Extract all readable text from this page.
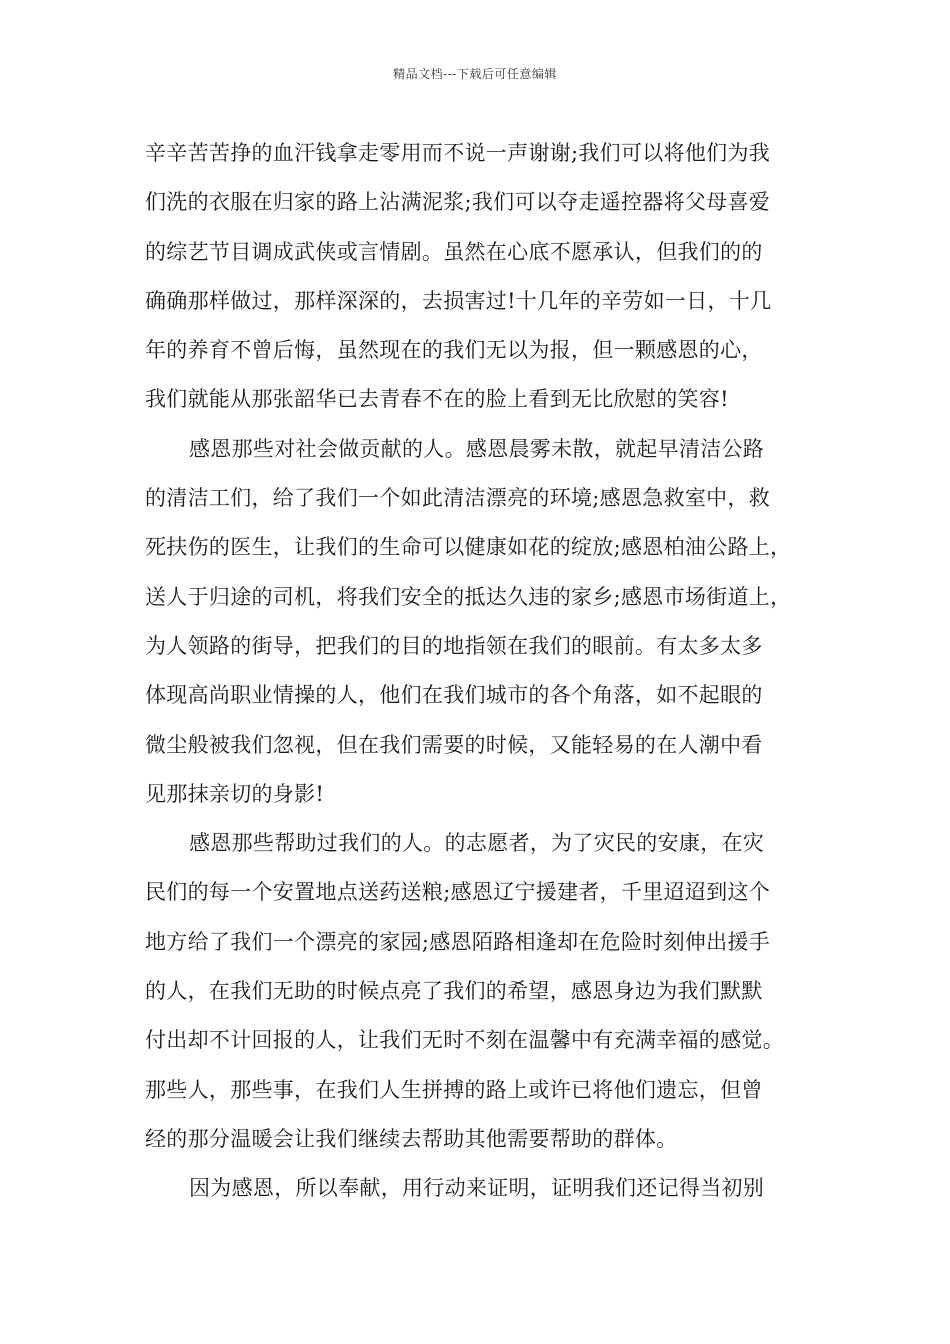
精品文档---下载后可任意编辑
辛辛苦苦挣的血汗钱拿走零用而不说一声谢谢;我们可以将他们为我
们洗的衣服在归家的路上沾满泥浆;我们可以夺走遥控器将父母喜爱
的综艺节目调成武侠或言情剧。虽然在心底不愿承认，但我们的的
确确那样做过，那样深深的，去损害过!十几年的辛劳如一日，十几
年的养育不曾后悔，虽然现在的我们无以为报，但一颗感恩的心，
我们就能从那张韶华已去青春不在的脸上看到无比欣慰的笑容!
感恩那些对社会做贡献的人。感恩晨雾未散，就起早清洁公路
的清洁工们，给了我们一个如此清洁漂亮的环境;感恩急救室中，救
死扶伤的医生，让我们的生命可以健康如花的绽放;感恩柏油公路上，
送人于归途的司机，将我们安全的抵达久违的家乡;感恩市场街道上，
为人领路的街导，把我们的目的地指领在我们的眼前。有太多太多
体现高尚职业情操的人，他们在我们城市的各个角落，如不起眼的
微尘般被我们忽视，但在我们需要的时候，又能轻易的在人潮中看
见那抹亲切的身影!
感恩那些帮助过我们的人。的志愿者，为了灾民的安康，在灾
民们的每一个安置地点送药送粮;感恩辽宁援建者，千里迢迢到这个
地方给了我们一个漂亮的家园;感恩陌路相逢却在危险时刻伸出援手
的人，在我们无助的时候点亮了我们的希望，感恩身边为我们默默
付出却不计回报的人，让我们无时不刻在温馨中有充满幸福的感觉。
那些人，那些事，在我们人生拼搏的路上或许已将他们遗忘，但曾
经的那分温暖会让我们继续去帮助其他需要帮助的群体。
因为感恩，所以奉献，用行动来证明，证明我们还记得当初别
